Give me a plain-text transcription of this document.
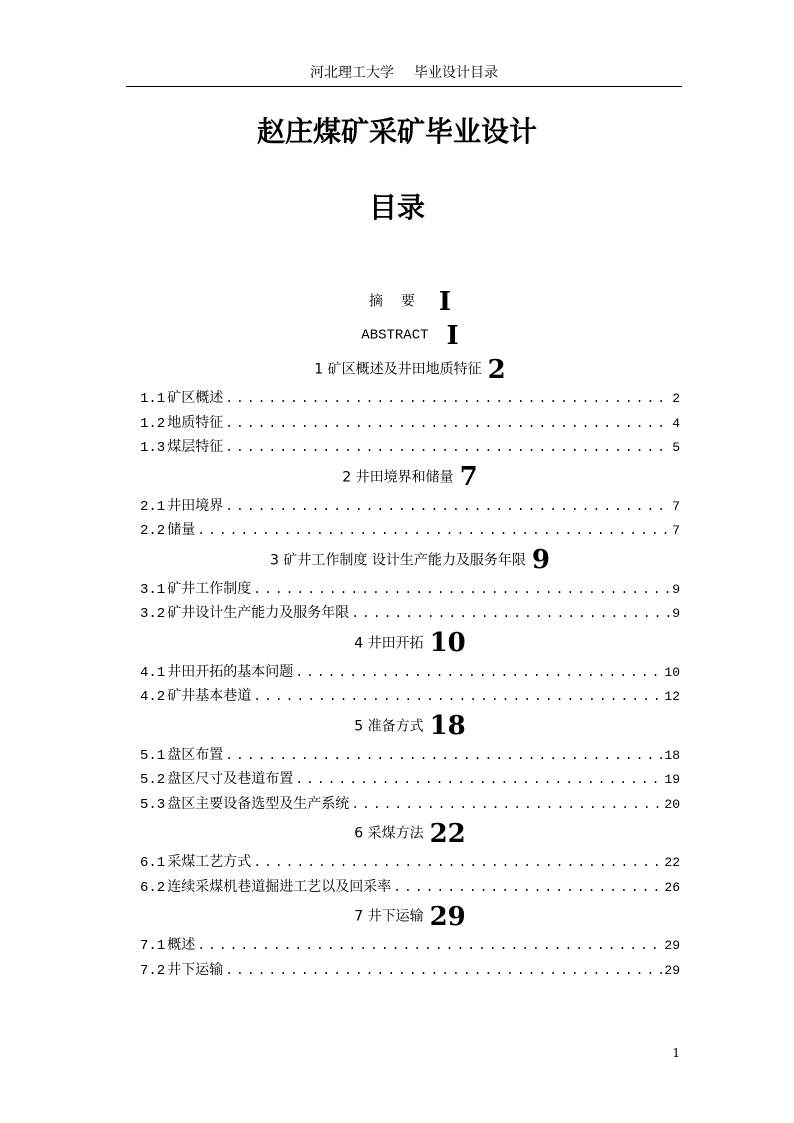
河北理工大学 毕业设计目录
赵庄煤矿采矿毕业设计
目录
摘要 I
ABSTRACT I
1 矿区概述及井田地质特征 2
1.1 矿区概述 .....	2
1.2 地质特征 .....	4
1.3 煤层特征 .....	5
2 井田境界和储量 7
2.1 井田境界 .....	7
2.2 储量 .....	7
3 矿井工作制度 设计生产能力及服务年限 9
3.1 矿井工作制度 .....	9
3.2 矿井设计生产能力及服务年限 .....	9
4 井田开拓 10
4.1 井田开拓的基本问题 .....	10
4.2 矿井基本巷道 .....	12
5 准备方式 18
5.1 盘区布置 .....	18
5.2 盘区尺寸及巷道布置 .....	19
5.3 盘区主要设备选型及生产系统 .....	20
6 采煤方法 22
6.1 采煤工艺方式 .....	22
6.2 连续采煤机巷道掘进工艺以及回采率 .....	26
7 井下运输 29
7.1 概述 .....	29
7.2 井下运输 .....	29
1
